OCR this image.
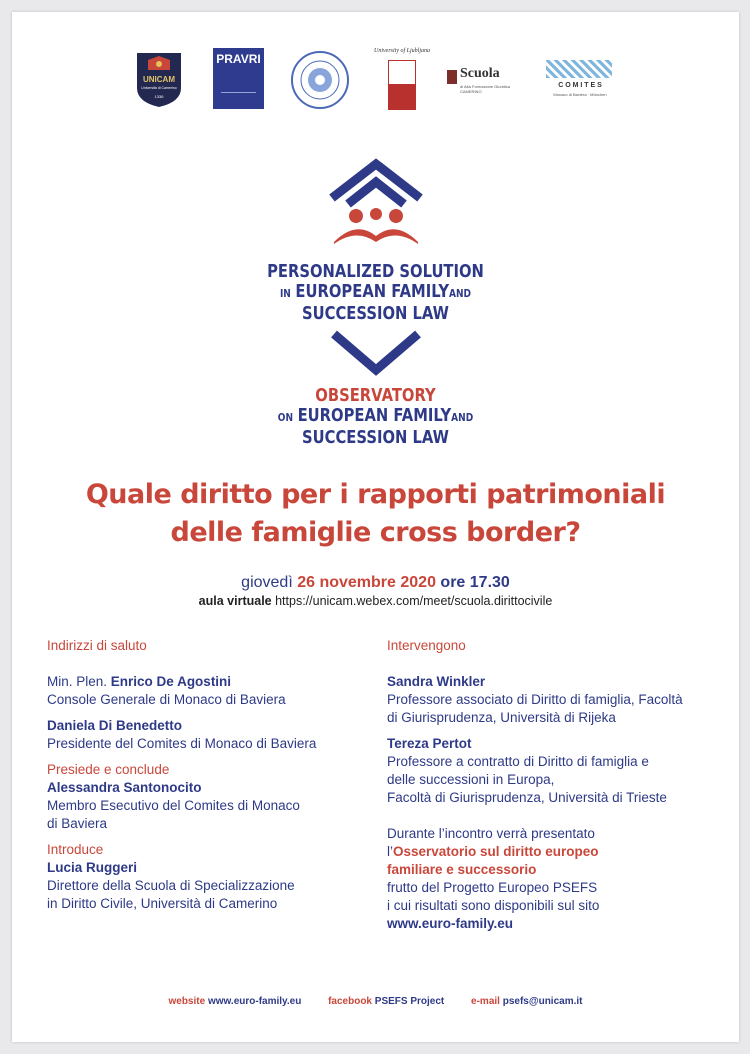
UNICAM
Università di Camerino
1336
PRAVRI
University of Ljubljana
Scuola
di Alta Formazione Giuridica CAMERINO
C O M I T E S
Monaco di Baviera · München
PERSONALIZED SOLUTION
IN EUROPEAN FAMILYAND
SUCCESSION LAW
OBSERVATORY
ON EUROPEAN FAMILYAND
SUCCESSION LAW
Quale diritto per i rapporti patrimoniali
delle famiglie cross border?
giovedì 26 novembre 2020 ore 17.30
aula virtuale https://unicam.webex.com/meet/scuola.dirittocivile
Indirizzi di saluto
Min. Plen. Enrico De Agostini
Console Generale di Monaco di Baviera
Daniela Di Benedetto
Presidente del Comites di Monaco di Baviera
Presiede e conclude
Alessandra Santonocito
Membro Esecutivo del Comites di Monaco
di Baviera
Introduce
Lucia Ruggeri
Direttore della Scuola di Specializzazione
in Diritto Civile, Università di Camerino
Intervengono
Sandra Winkler
Professore associato di Diritto di famiglia, Facoltà
di Giurisprudenza, Università di Rijeka
Tereza Pertot
Professore a contratto di Diritto di famiglia e
delle successioni in Europa,
Facoltà di Giurisprudenza, Università di Trieste
Durante l’incontro verrà presentato
l’Osservatorio sul diritto europeo
familiare e successorio
frutto del Progetto Europeo PSEFS
i cui risultati sono disponibili sul sito
www.euro-family.eu
website www.euro-family.eu	facebook PSEFS Project	e-mail psefs@unicam.it
